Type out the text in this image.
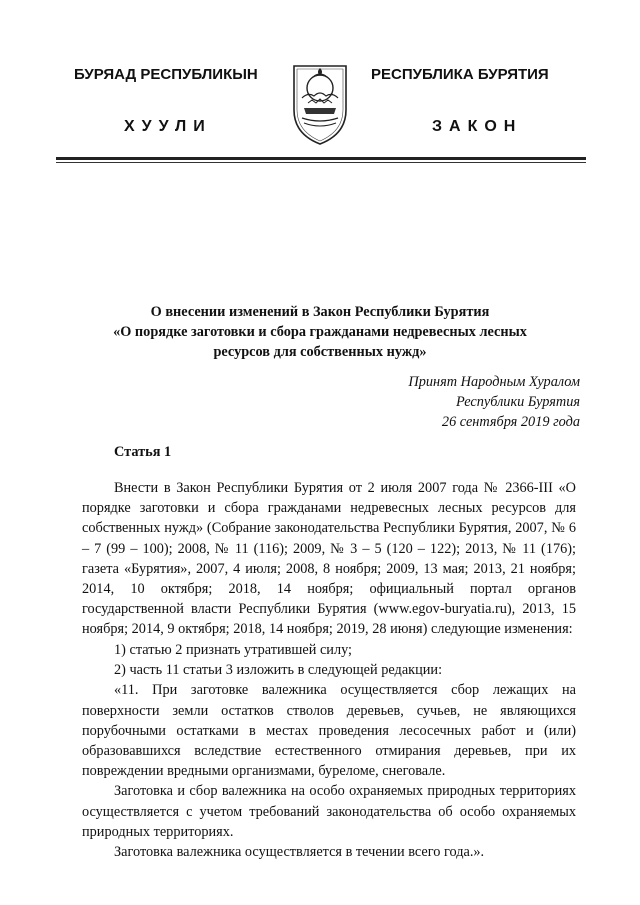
БУРЯАД РЕСПУБЛИКЫН
ХУУЛИ
РЕСПУБЛИКА БУРЯТИЯ
ЗАКОН
О внесении изменений в Закон Республики Бурятия
«О порядке заготовки и сбора гражданами недревесных лесных
ресурсов для собственных нужд»
Принят Народным Хуралом
Республики Бурятия
26 сентября 2019 года
Статья 1

Внести в Закон Республики Бурятия от 2 июля 2007 года № 2366-III «О порядке заготовки и сбора гражданами недревесных лесных ресурсов для собственных нужд» (Собрание законодательства Республики Бурятия, 2007, № 6 – 7 (99 – 100); 2008, № 11 (116); 2009, № 3 – 5 (120 – 122); 2013, № 11 (176); газета «Бурятия», 2007, 4 июля; 2008, 8 ноября; 2009, 13 мая; 2013, 21 ноября; 2014, 10 октября; 2018, 14 ноября; официальный портал органов государственной власти Республики Бурятия (www.egov-buryatia.ru), 2013, 15 ноября; 2014, 9 октября; 2018, 14 ноября; 2019, 28 июня) следующие изменения:

1) статью 2 признать утратившей силу;

2) часть 11 статьи 3 изложить в следующей редакции:

«11. При заготовке валежника осуществляется сбор лежащих на поверхности земли остатков стволов деревьев, сучьев, не являющихся порубочными остатками в местах проведения лесосечных работ и (или) образовавшихся вследствие естественного отмирания деревьев, при их повреждении вредными организмами, буреломе, снеговале.

Заготовка и сбор валежника на особо охраняемых природных территориях осуществляется с учетом требований законодательства об особо охраняемых природных территориях.

Заготовка валежника осуществляется в течении всего года.».
